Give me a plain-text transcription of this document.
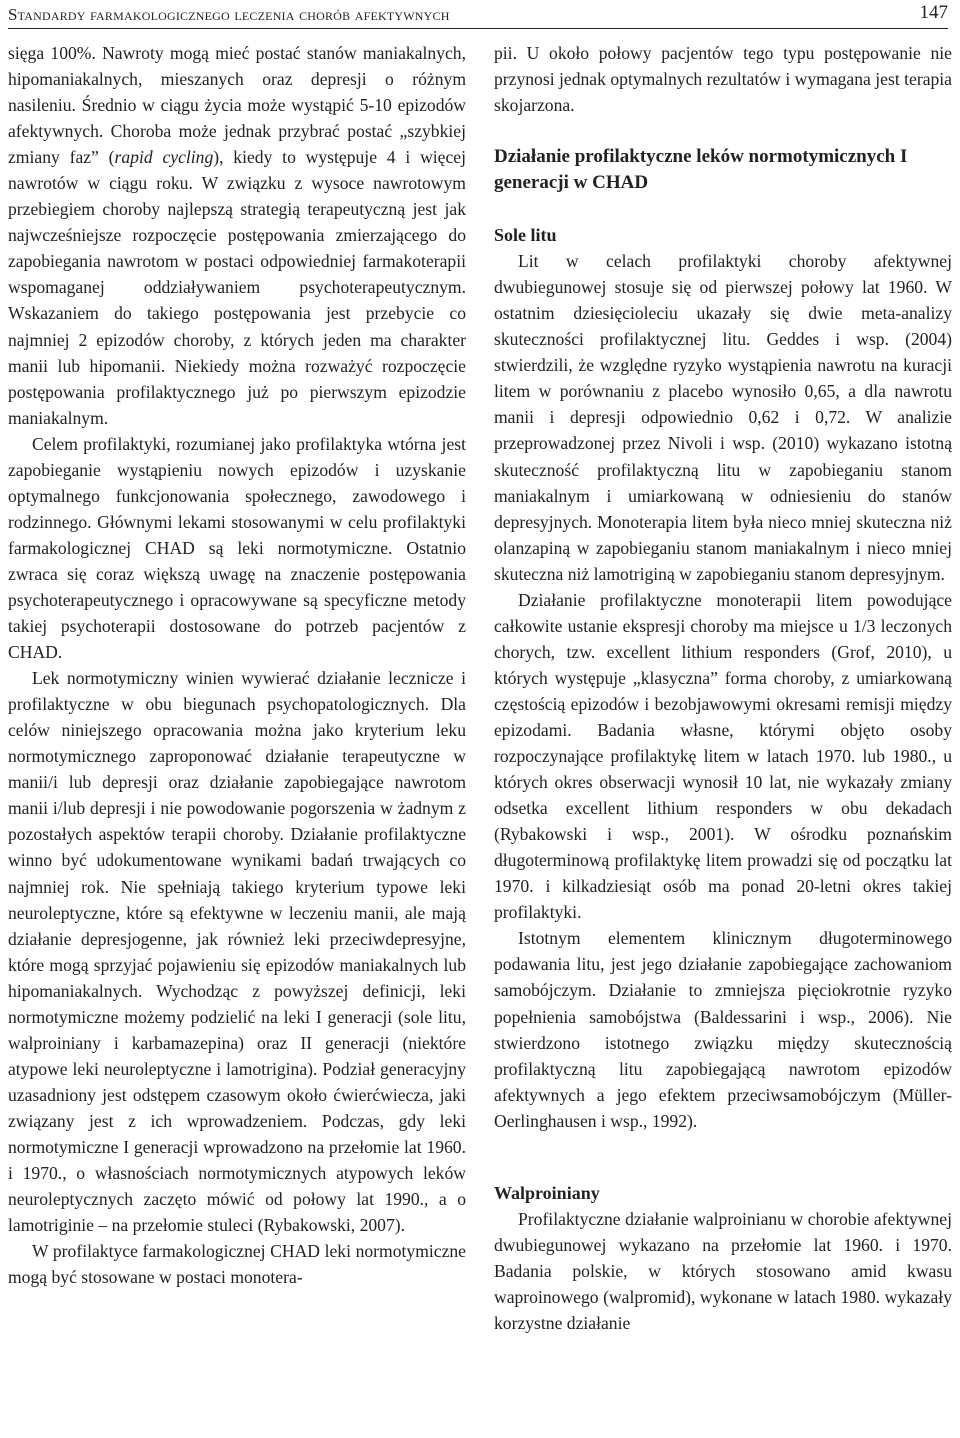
Standardy farmakologicznego leczenia chorób afektywnych	147

sięga 100%. Nawroty mogą mieć postać stanów maniakalnych, hipomaniakalnych, mieszanych oraz depresji o różnym nasileniu. Średnio w ciągu życia może wystąpić 5-10 epizodów afektywnych. Choroba może jednak przybrać postać „szybkiej zmiany faz” (rapid cycling), kiedy to występuje 4 i więcej nawrotów w ciągu roku. W związku z wysoce nawrotowym przebiegiem choroby najlepszą strategią terapeutyczną jest jak najwcześniejsze rozpoczęcie postępowania zmierzającego do zapobiegania nawrotom w postaci odpowiedniej farmakoterapii wspomaganej oddziaływaniem psychoterapeutycznym. Wskazaniem do takiego postępowania jest przebycie co najmniej 2 epizodów choroby, z których jeden ma charakter manii lub hipomanii. Niekiedy można rozważyć rozpoczęcie postępowania profilaktycznego już po pierwszym epizodzie maniakalnym.

Celem profilaktyki, rozumianej jako profilaktyka wtórna jest zapobieganie wystąpieniu nowych epizodów i uzyskanie optymalnego funkcjonowania społecznego, zawodowego i rodzinnego. Głównymi lekami stosowanymi w celu profilaktyki farmakologicznej CHAD są leki normotymiczne. Ostatnio zwraca się coraz większą uwagę na znaczenie postępowania psychoterapeutycznego i opracowywane są specyficzne metody takiej psychoterapii dostosowane do potrzeb pacjentów z CHAD.

Lek normotymiczny winien wywierać działanie lecznicze i profilaktyczne w obu biegunach psychopatologicznych. Dla celów niniejszego opracowania można jako kryterium leku normotymicznego zaproponować działanie terapeutyczne w manii/i lub depresji oraz działanie zapobiegające nawrotom manii i/lub depresji i nie powodowanie pogorszenia w żadnym z pozostałych aspektów terapii choroby. Działanie profilaktyczne winno być udokumentowane wynikami badań trwających co najmniej rok. Nie spełniają takiego kryterium typowe leki neuroleptyczne, które są efektywne w leczeniu manii, ale mają działanie depresjogenne, jak również leki przeciwdepresyjne, które mogą sprzyjać pojawieniu się epizodów maniakalnych lub hipomaniakalnych. Wychodząc z powyższej definicji, leki normotymiczne możemy podzielić na leki I generacji (sole litu, walproiniany i karbamazepina) oraz II generacji (niektóre atypowe leki neuroleptyczne i lamotrigina). Podział generacyjny uzasadniony jest odstępem czasowym około ćwierćwiecza, jaki związany jest z ich wprowadzeniem. Podczas, gdy leki normotymiczne I generacji wprowadzono na przełomie lat 1960. i 1970., o własnościach normotymicznych atypowych leków neuroleptycznych zaczęto mówić od połowy lat 1990., a o lamotriginie – na przełomie stuleci (Rybakowski, 2007).

W profilaktyce farmakologicznej CHAD leki normotymiczne mogą być stosowane w postaci monotera-

pii. U około połowy pacjentów tego typu postępowanie nie przynosi jednak optymalnych rezultatów i wymagana jest terapia skojarzona.

Działanie profilaktyczne leków normotymicznych I generacji w CHAD
Sole litu

Lit w celach profilaktyki choroby afektywnej dwubiegunowej stosuje się od pierwszej połowy lat 1960. W ostatnim dziesięcioleciu ukazały się dwie meta-analizy skuteczności profilaktycznej litu. Geddes i wsp. (2004) stwierdzili, że względne ryzyko wystąpienia nawrotu na kuracji litem w porównaniu z placebo wynosiło 0,65, a dla nawrotu manii i depresji odpowiednio 0,62 i 0,72. W analizie przeprowadzonej przez Nivoli i wsp. (2010) wykazano istotną skuteczność profilaktyczną litu w zapobieganiu stanom maniakalnym i umiarkowaną w odniesieniu do stanów depresyjnych. Monoterapia litem była nieco mniej skuteczna niż olanzapiną w zapobieganiu stanom maniakalnym i nieco mniej skuteczna niż lamotriginą w zapobieganiu stanom depresyjnym.

Działanie profilaktyczne monoterapii litem powodujące całkowite ustanie ekspresji choroby ma miejsce u 1/3 leczonych chorych, tzw. excellent lithium responders (Grof, 2010), u których występuje „klasyczna” forma choroby, z umiarkowaną częstością epizodów i bezobjawowymi okresami remisji między epizodami. Badania własne, którymi objęto osoby rozpoczynające profilaktykę litem w latach 1970. lub 1980., u których okres obserwacji wynosił 10 lat, nie wykazały zmiany odsetka excellent lithium responders w obu dekadach (Rybakowski i wsp., 2001). W ośrodku poznańskim długoterminową profilaktykę litem prowadzi się od początku lat 1970. i kilkadziesiąt osób ma ponad 20-letni okres takiej profilaktyki.

Istotnym elementem klinicznym długoterminowego podawania litu, jest jego działanie zapobiegające zachowaniom samobójczym. Działanie to zmniejsza pięciokrotnie ryzyko popełnienia samobójstwa (Baldessarini i wsp., 2006). Nie stwierdzono istotnego związku między skutecznością profilaktyczną litu zapobiegającą nawrotom epizodów afektywnych a jego efektem przeciwsamobójczym (Müller-Oerlinghausen i wsp., 1992).

Walproiniany

Profilaktyczne działanie walproinianu w chorobie afektywnej dwubiegunowej wykazano na przełomie lat 1960. i 1970. Badania polskie, w których stosowano amid kwasu waproinowego (walpromid), wykonane w latach 1980. wykazały korzystne działanie
